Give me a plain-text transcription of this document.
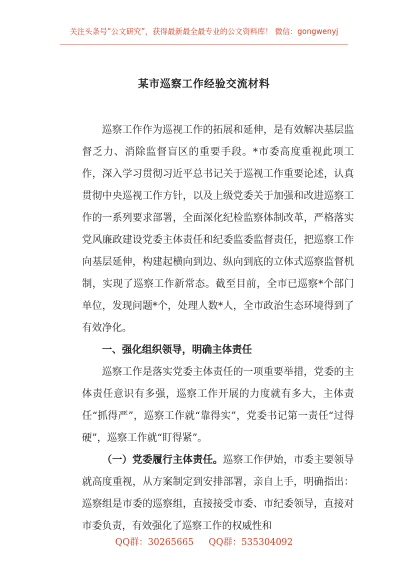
关注头条号“公文研究”，获得最新最全最专业的公文资料库！ 微信：gongwenyj
某市巡察工作经验交流材料

巡察工作作为巡视工作的拓展和延伸，是有效解决基层监督乏力、消除监督盲区的重要手段。*市委高度重视此项工作，深入学习贯彻习近平总书记关于巡视工作重要论述，认真贯彻中央巡视工作方针，以及上级党委关于加强和改进巡察工作的一系列要求部署，全面深化纪检监察体制改革，严格落实党风廉政建设党委主体责任和纪委监委监督责任，把巡察工作向基层延伸，构建起横向到边、纵向到底的立体式巡察监督机制，实现了巡察工作新常态。截至目前，全市已巡察*个部门单位，发现问题*个，处理人数*人，全市政治生态环境得到了有效净化。

一、强化组织领导，明确主体责任

巡察工作是落实党委主体责任的一项重要举措，党委的主体责任意识有多强，巡察工作开展的力度就有多大，主体责任“抓得严”，巡察工作就“靠得实”，党委书记第一责任“过得硬”，巡察工作就“盯得紧”。

（一）党委履行主体责任。巡察工作伊始，市委主要领导就高度重视，从方案制定到安排部署，亲自上手，明确指出：巡察组是市委的巡察组，直接接受市委、市纪委领导，直接对市委负责，有效强化了巡察工作的权威性和

QQ群：30265665 QQ群：535304092
